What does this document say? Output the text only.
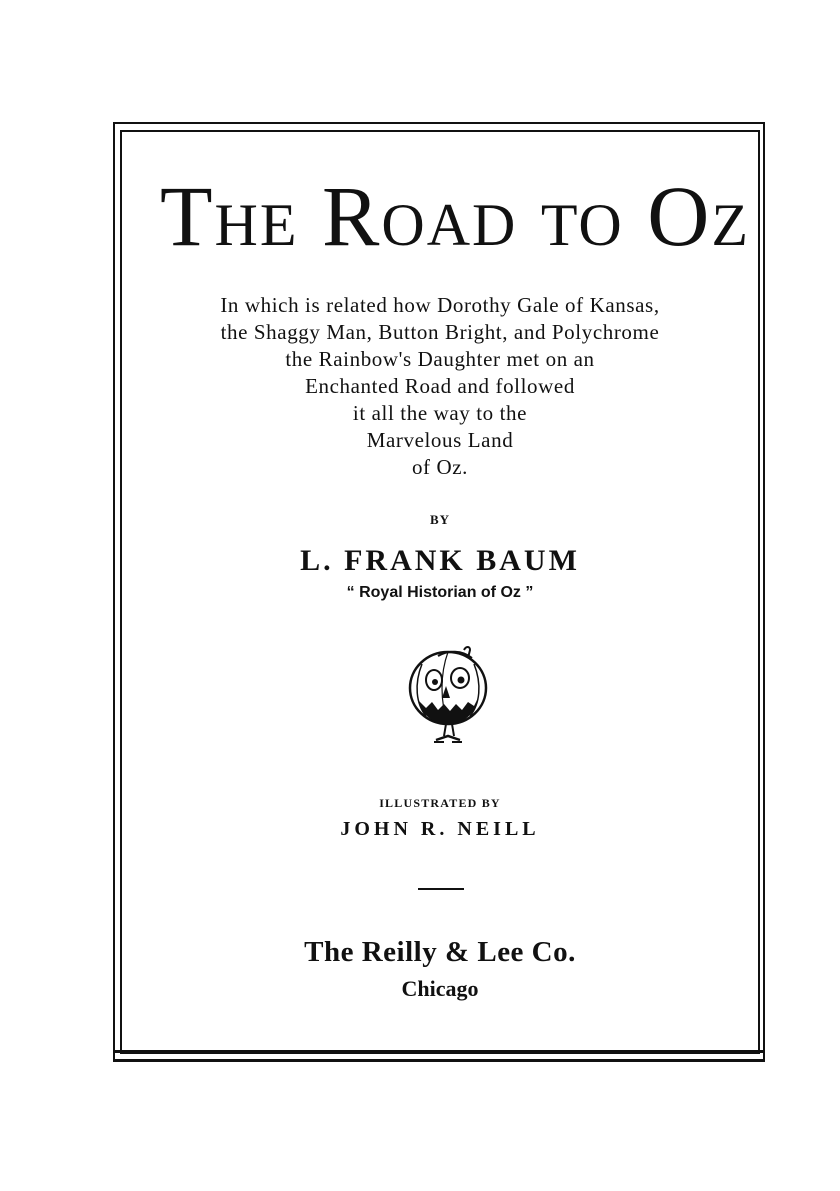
The Road to Oz
In which is related how Dorothy Gale of Kansas,
the Shaggy Man, Button Bright, and Polychrome
the Rainbow's Daughter met on an
Enchanted Road and followed
it all the way to the
Marvelous Land
of Oz.
BY
L. FRANK BAUM
“ Royal Historian of Oz ”
ILLUSTRATED BY
JOHN R. NEILL
The Reilly & Lee Co.
Chicago
